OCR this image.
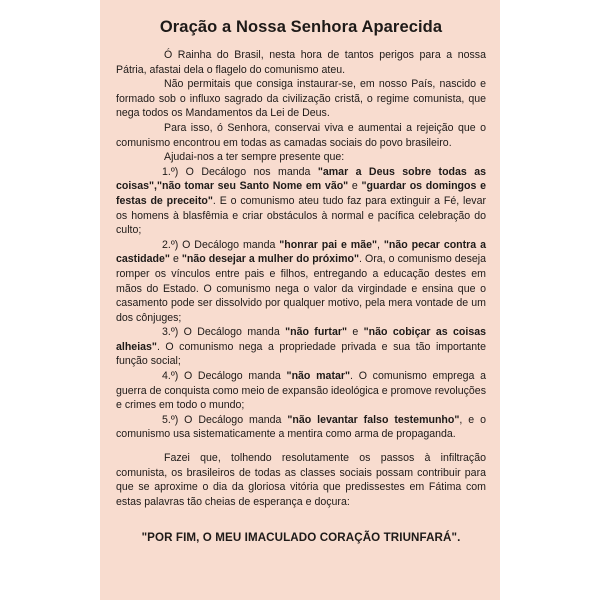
Oração a Nossa Senhora Aparecida

Ó Rainha do Brasil, nesta hora de tantos perigos para a nossa Pátria, afastai dela o flagelo do comunismo ateu.

Não permitais que consiga instaurar-se, em nosso País, nascido e formado sob o influxo sagrado da civilização cristã, o regime comunista, que nega todos os Mandamentos da Lei de Deus.

Para isso, ó Senhora, conservai viva e aumentai a rejeição que o comunismo encontrou em todas as camadas sociais do povo brasileiro.

Ajudai-nos a ter sempre presente que:

1.º) O Decálogo nos manda "amar a Deus sobre todas as coisas","não tomar seu Santo Nome em vão" e "guardar os domingos e festas de preceito". E o comunismo ateu tudo faz para extinguir a Fé, levar os homens à blasfêmia e criar obstáculos à normal e pacífica celebração do culto;

2.º) O Decálogo manda "honrar pai e mãe", "não pecar contra a castidade" e "não desejar a mulher do próximo". Ora, o comunismo deseja romper os vínculos entre pais e filhos, entregando a educação destes em mãos do Estado. O comunismo nega o valor da virgindade e ensina que o casamento pode ser dissolvido por qualquer motivo, pela mera vontade de um dos cônjuges;

3.º) O Decálogo manda "não furtar" e "não cobiçar as coisas alheias". O comunismo nega a propriedade privada e sua tão importante função social;

4.º) O Decálogo manda "não matar". O comunismo emprega a guerra de conquista como meio de expansão ideológica e promove revoluções e crimes em todo o mundo;

5.º) O Decálogo manda "não levantar falso testemunho", e o comunismo usa sistematicamente a mentira como arma de propaganda.

Fazei que, tolhendo resolutamente os passos à infiltração comunista, os brasileiros de todas as classes sociais possam contribuir para que se aproxime o dia da gloriosa vitória que predissestes em Fátima com estas palavras tão cheias de esperança e doçura:

"POR FIM, O MEU IMACULADO CORAÇÃO TRIUNFARÁ".
